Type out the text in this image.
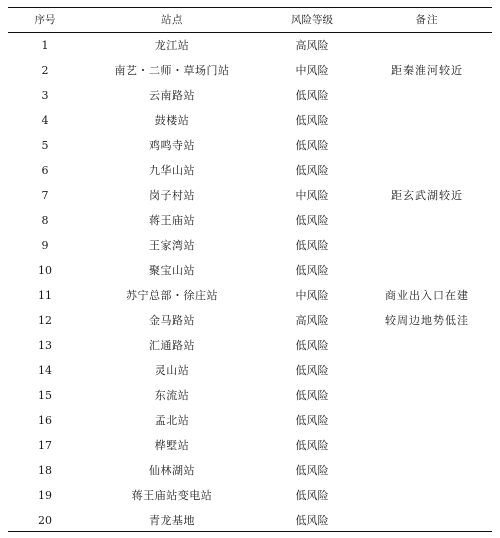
序号	站点	风险等级	备注
1	龙江站	高风险
2	南艺・二师・草场门站	中风险	距秦淮河较近
3	云南路站	低风险
4	鼓楼站	低风险
5	鸡鸣寺站	低风险
6	九华山站	低风险
7	岗子村站	中风险	距玄武湖较近
8	蒋王庙站	低风险
9	王家湾站	低风险
10	聚宝山站	低风险
11	苏宁总部・徐庄站	中风险	商业出入口在建
12	金马路站	高风险	较周边地势低洼
13	汇通路站	低风险
14	灵山站	低风险
15	东流站	低风险
16	孟北站	低风险
17	桦墅站	低风险
18	仙林湖站	低风险
19	蒋王庙站变电站	低风险
20	青龙基地	低风险
